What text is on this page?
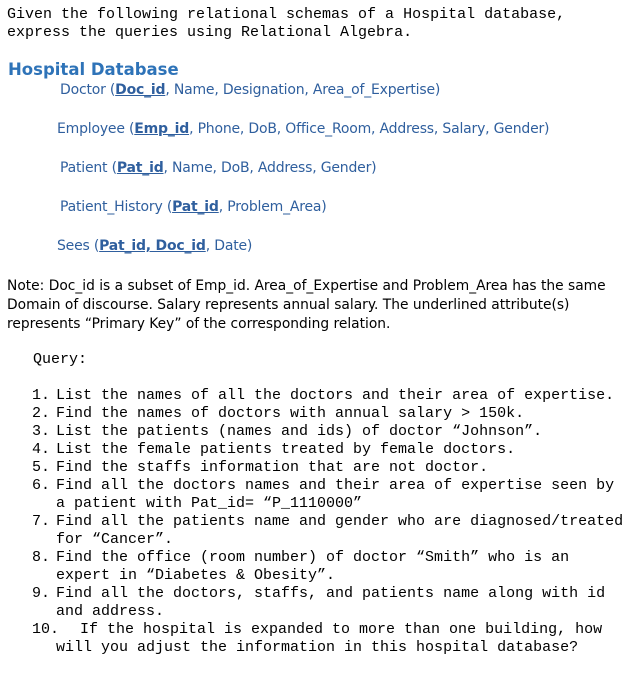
Given the following relational schemas of a Hospital database,
express the queries using Relational Algebra.
Hospital Database
Doctor (Doc_id, Name, Designation, Area_of_Expertise)
Employee (Emp_id, Phone, DoB, Office_Room, Address, Salary, Gender)
Patient (Pat_id, Name, DoB, Address, Gender)
Patient_History (Pat_id, Problem_Area)
Sees (Pat_id, Doc_id, Date)
Note: Doc_id is a subset of Emp_id. Area_of_Expertise and Problem_Area has the same Domain of discourse. Salary represents annual salary. The underlined attribute(s) represents “Primary Key” of the corresponding relation.
Query:
1. List the names of all the doctors and their area of expertise.
2. Find the names of doctors with annual salary > 150k.
3. List the patients (names and ids) of doctor “Johnson”.
4. List the female patients treated by female doctors.
5. Find the staffs information that are not doctor.
6. Find all the doctors names and their area of expertise seen by a patient with Pat_id= “P_1110000”
7. Find all the patients name and gender who are diagnosed/treated for “Cancer”.
8. Find the office (room number) of doctor “Smith” who is an expert in “Diabetes & Obesity”.
9. Find all the doctors, staffs, and patients name along with id and address.
10. If the hospital is expanded to more than one building, how will you adjust the information in this hospital database?
